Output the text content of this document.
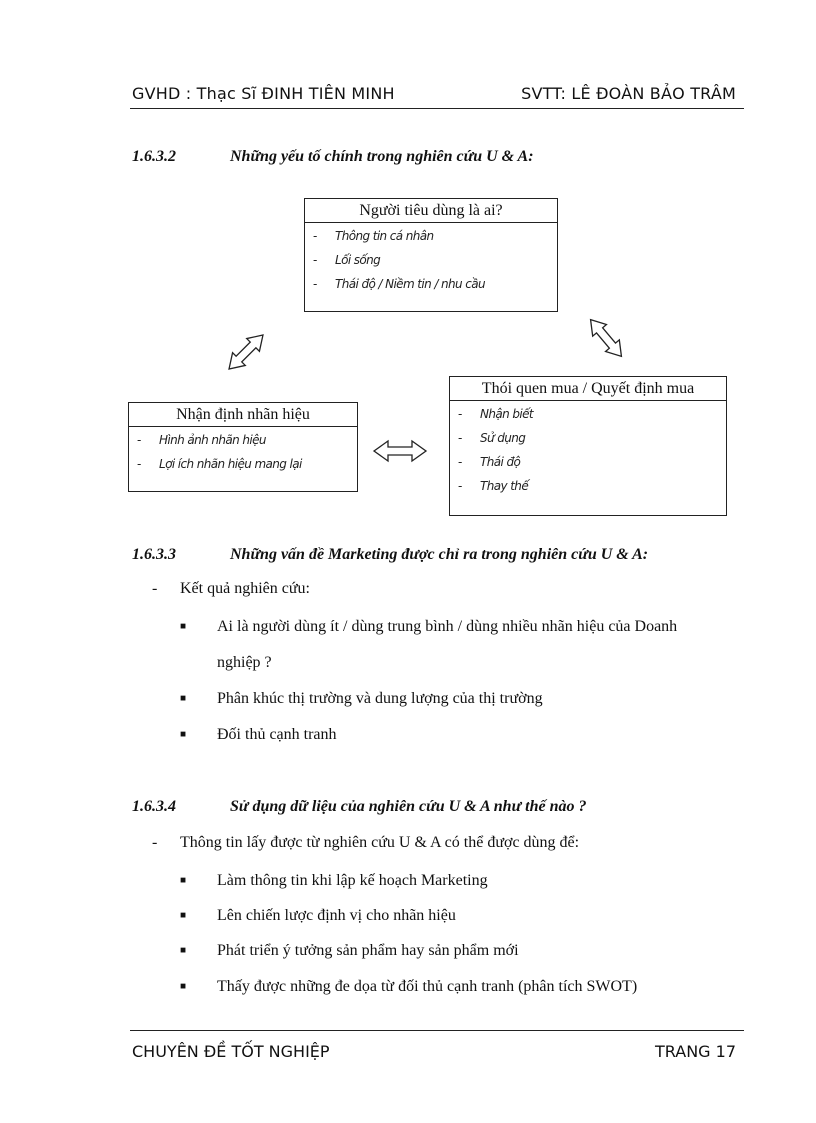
GVHD : Thạc Sĩ ĐINH TIÊN MINH	SVTT: LÊ ĐOÀN BẢO TRÂM
1.6.3.2	Những yếu tố chính trong nghiên cứu U & A:
Người tiêu dùng là ai?
- Thông tin cá nhân
- Lối sống
- Thái độ / Niềm tin / nhu cầu
Nhận định nhãn hiệu
- Hình ảnh nhãn hiệu
- Lợi ích nhãn hiệu mang lại
Thói quen mua / Quyết định mua
- Nhận biết
- Sử dụng
- Thái độ
- Thay thế
1.6.3.3	Những vấn đề Marketing được chỉ ra trong nghiên cứu U & A:
- Kết quả nghiên cứu:
■ Ai là người dùng ít / dùng trung bình / dùng nhiều nhãn hiệu của Doanh
nghiệp ?
■ Phân khúc thị trường và dung lượng của thị trường
■ Đối thủ cạnh tranh
1.6.3.4	Sử dụng dữ liệu của nghiên cứu U & A như thế nào ?
- Thông tin lấy được từ nghiên cứu U & A có thể được dùng để:
■ Làm thông tin khi lập kế hoạch Marketing
■ Lên chiến lược định vị cho nhãn hiệu
■ Phát triển ý tưởng sản phẩm hay sản phẩm mới
■ Thấy được những đe dọa từ đối thủ cạnh tranh (phân tích SWOT)
CHUYÊN ĐỀ TỐT NGHIỆP	TRANG 17
